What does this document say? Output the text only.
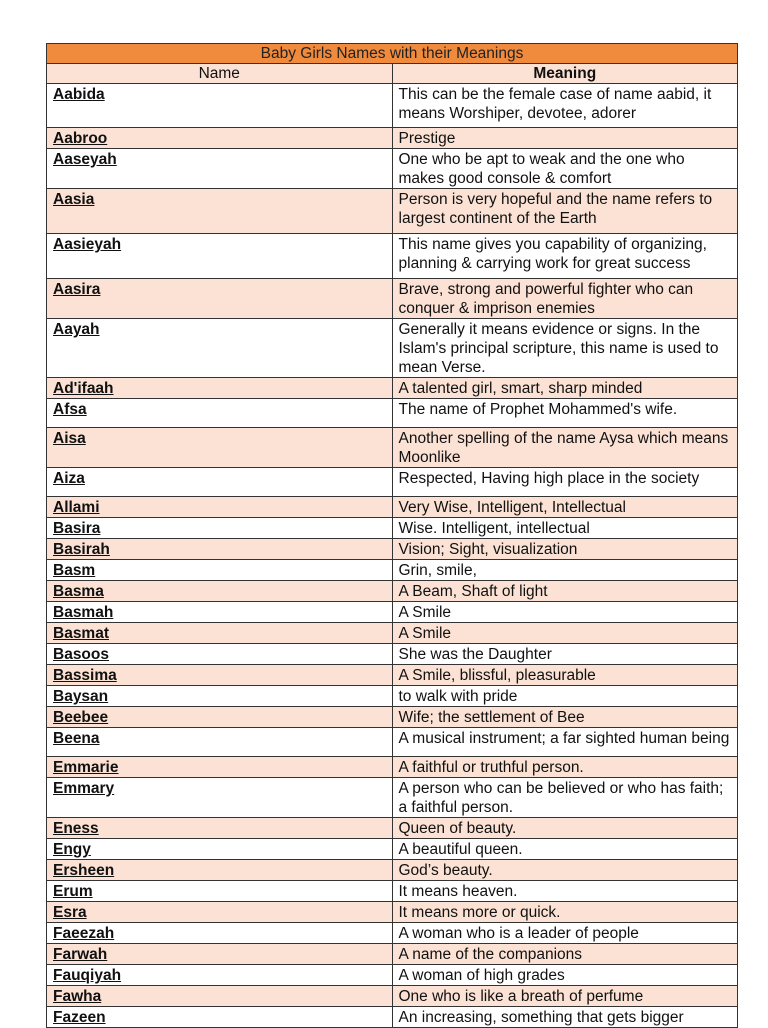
Baby Girls Names with their Meanings	
Name	Meaning
Aabida	This can be the female case of name aabid, it means Worshiper, devotee, adorer
Aabroo	Prestige
Aaseyah	One who be apt to weak and the one who makes good console & comfort
Aasia	Person is very hopeful and the name refers to largest continent of the Earth
Aasieyah	This name gives you capability of organizing, planning & carrying work for great success
Aasira	Brave, strong and powerful fighter who can conquer & imprison enemies
Aayah	Generally it means evidence or signs. In the Islam's principal scripture, this name is used to mean Verse.
Ad'ifaah	A talented girl, smart, sharp minded
Afsa	The name of Prophet Mohammed's wife.
Aisa	Another spelling of the name Aysa which means Moonlike
Aiza	Respected, Having high place in the society
Allami	Very Wise, Intelligent, Intellectual
Basira	Wise. Intelligent, intellectual
Basirah	Vision; Sight, visualization
Basm	Grin, smile,
Basma	A Beam, Shaft of light
Basmah	A Smile
Basmat	A Smile
Basoos	She was the Daughter
Bassima	A Smile, blissful, pleasurable
Baysan	to walk with pride
Beebee	Wife; the settlement of Bee
Beena	A musical instrument; a far sighted human being
Emmarie	A faithful or truthful person.
Emmary	A person who can be believed or who has faith; a faithful person.
Eness	Queen of beauty.
Engy	A beautiful queen.
Ersheen	God’s beauty.
Erum	It means heaven.
Esra	It means more or quick.
Faeezah	A woman who is a leader of people
Farwah	A name of the companions
Fauqiyah	A woman of high grades
Fawha	One who is like a breath of perfume
Fazeen	An increasing, something that gets bigger
